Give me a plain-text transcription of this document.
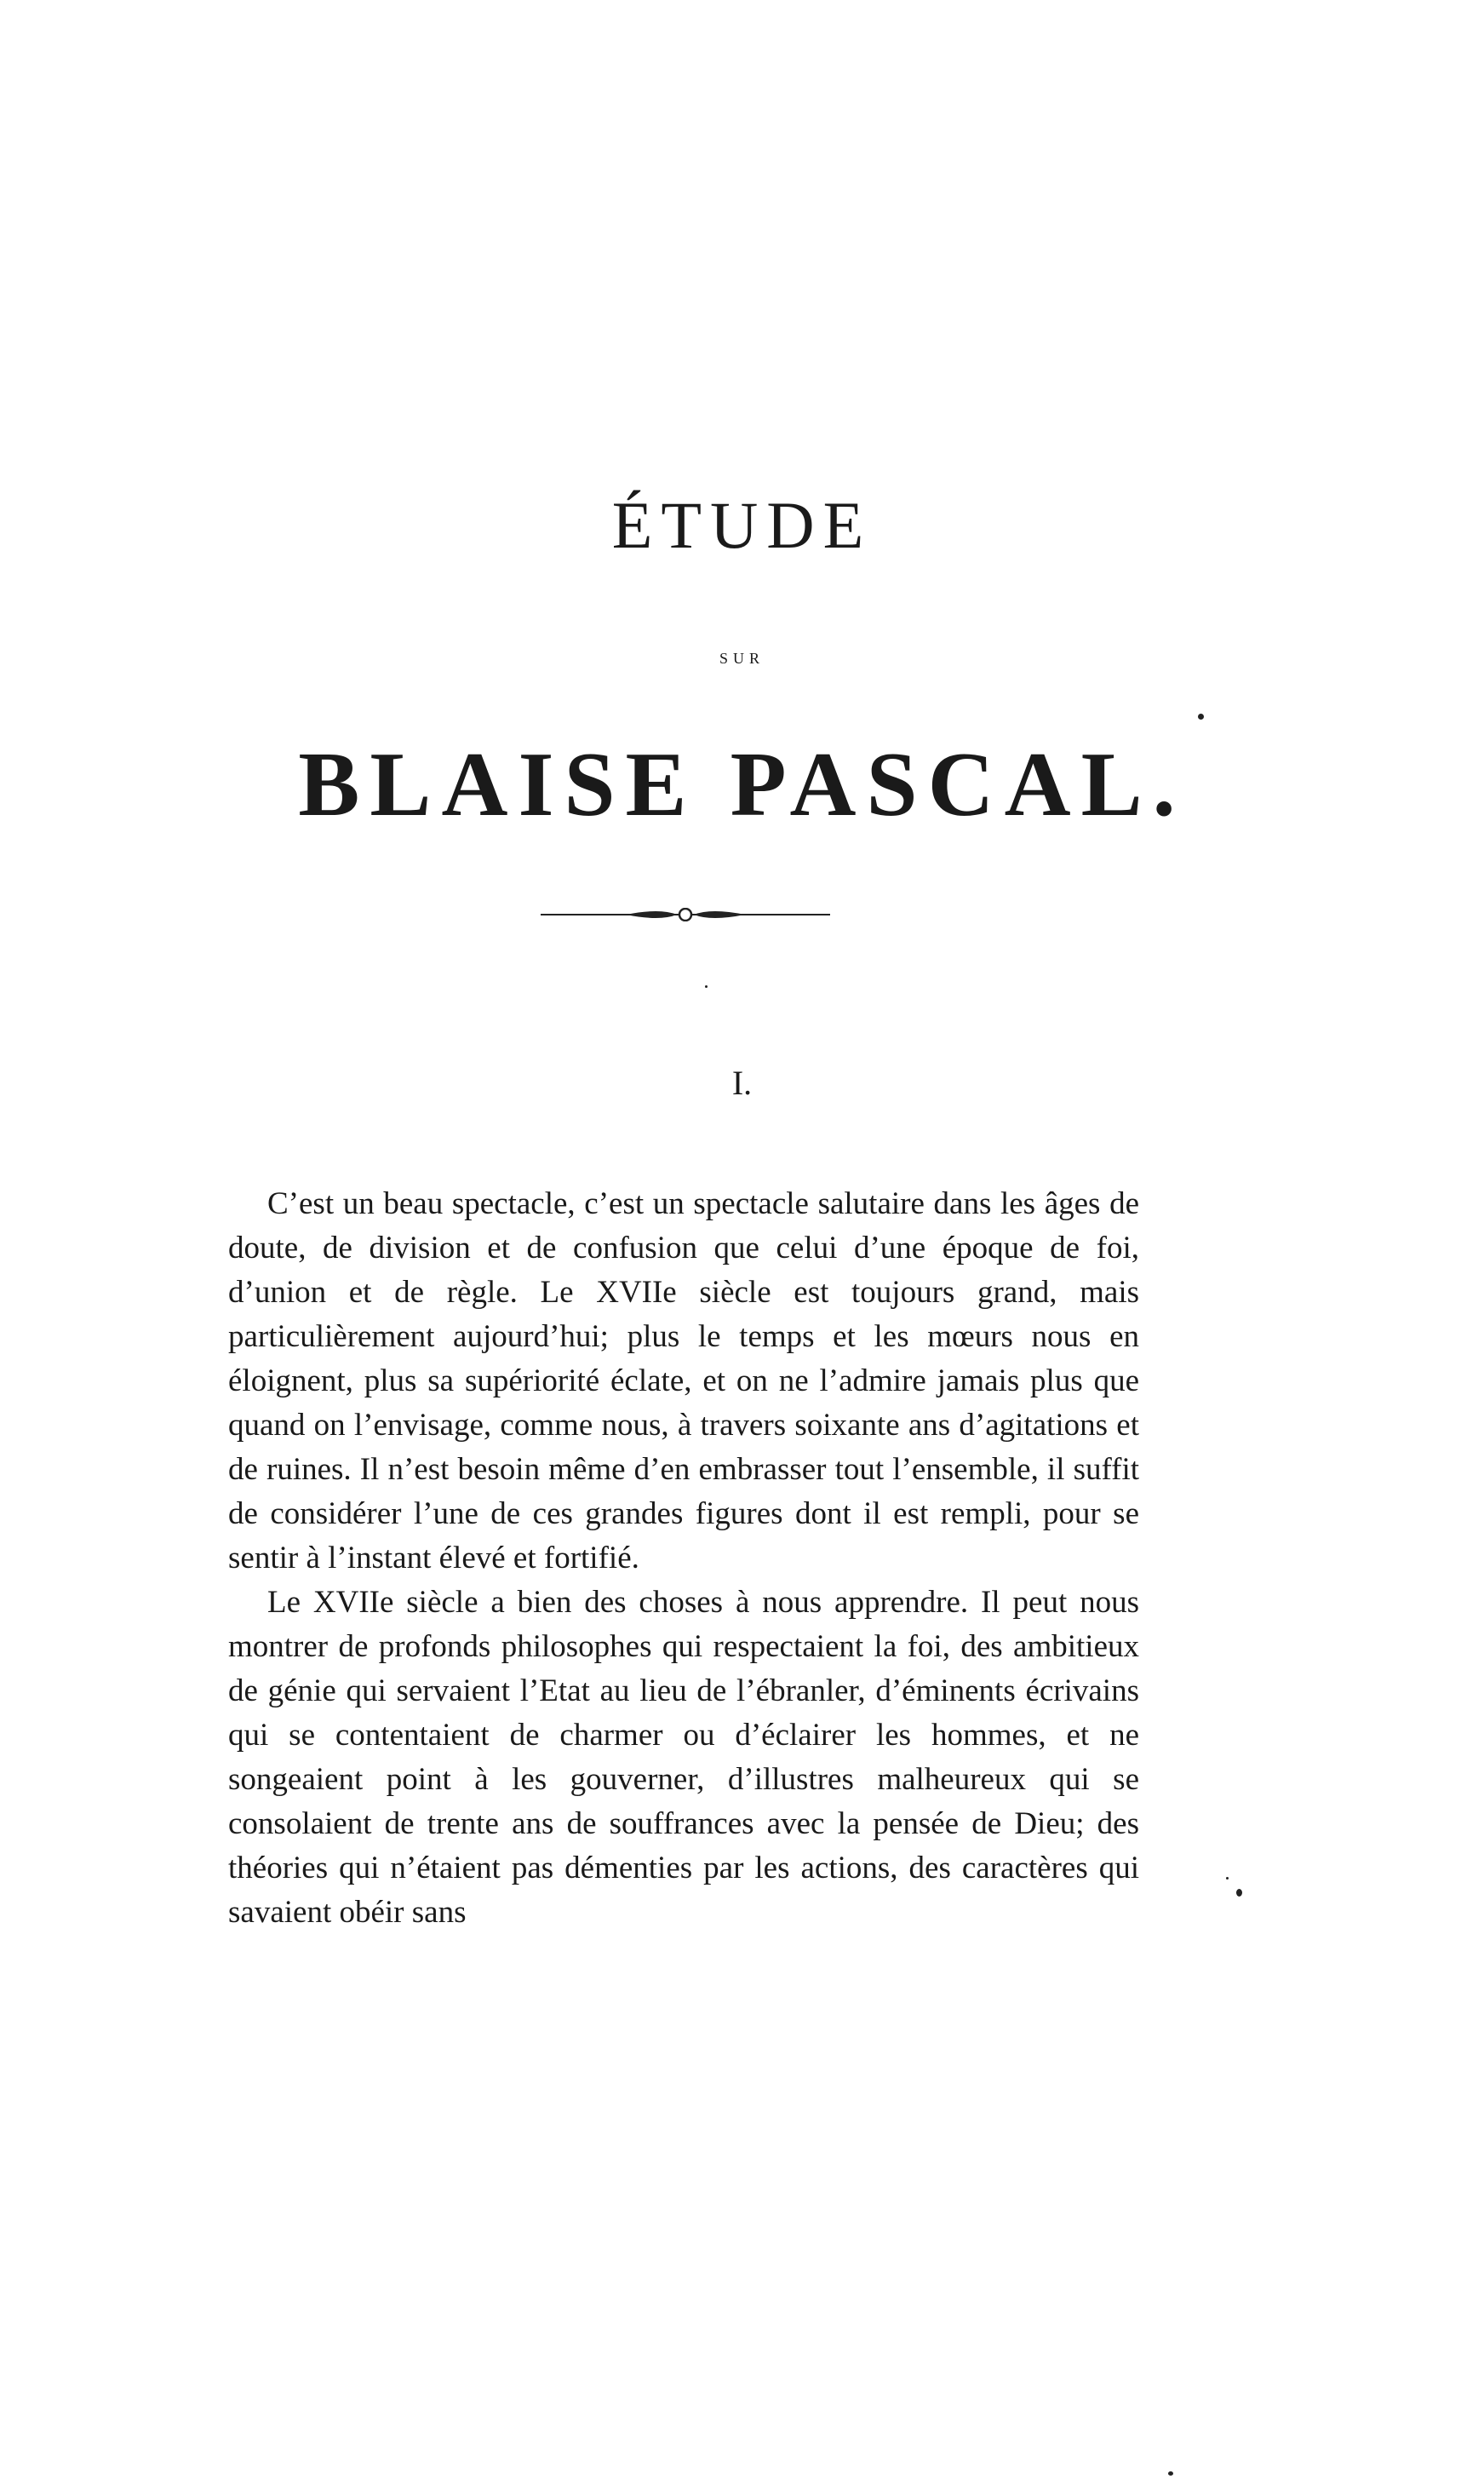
ÉTUDE
SUR
BLAISE PASCAL.
I.

C’est un beau spectacle, c’est un spectacle salutaire dans les âges de doute, de division et de confusion que celui d’une époque de foi, d’union et de règle. Le XVIIe siècle est toujours grand, mais particulièrement aujourd’hui; plus le temps et les mœurs nous en éloignent, plus sa supériorité éclate, et on ne l’admire jamais plus que quand on l’envisage, comme nous, à travers soixante ans d’agitations et de ruines. Il n’est besoin même d’en embrasser tout l’ensemble, il suffit de considérer l’une de ces grandes figures dont il est rempli, pour se sentir à l’instant élevé et fortifié.

Le XVIIe siècle a bien des choses à nous apprendre. Il peut nous montrer de profonds philosophes qui respectaient la foi, des ambitieux de génie qui servaient l’Etat au lieu de l’ébranler, d’éminents écrivains qui se contentaient de charmer ou d’éclairer les hommes, et ne songeaient point à les gouverner, d’illustres malheureux qui se consolaient de trente ans de souffrances avec la pensée de Dieu; des théories qui n’étaient pas démenties par les actions, des caractères qui savaient obéir sans
